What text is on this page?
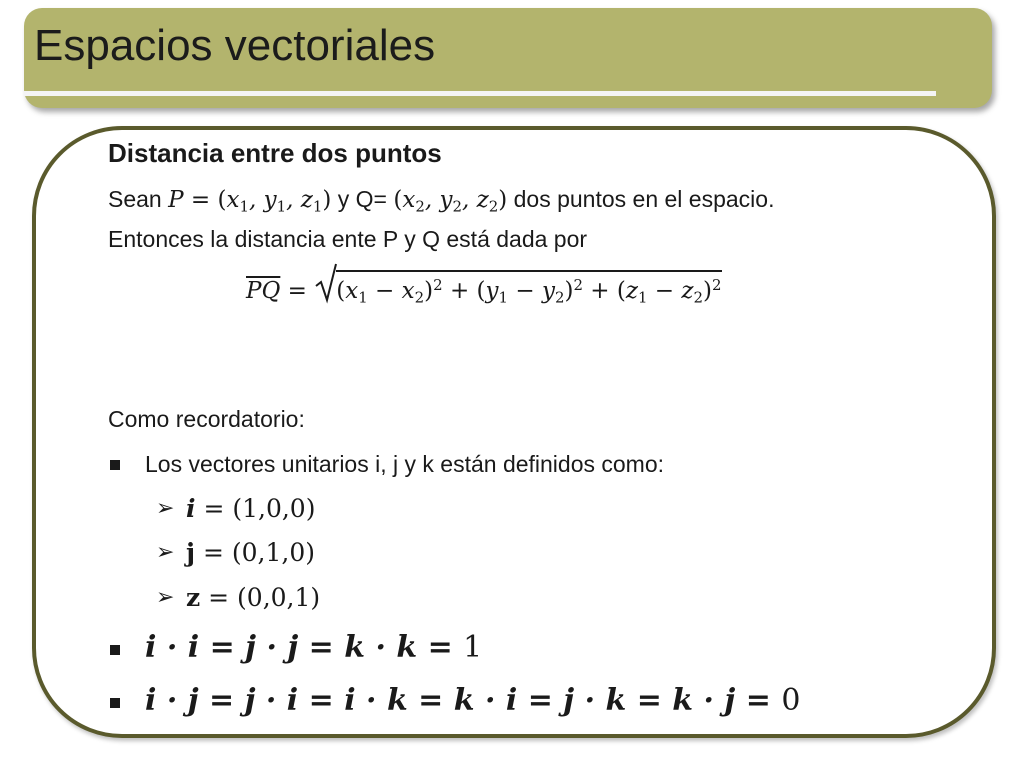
Espacios vectoriales
Distancia entre dos puntos
Sean $P = (x_1$, $y_1$, $z_1$) y $Q= (x_2$, $y_2$, $z_2$) dos puntos en el espacio.
Entonces la distancia ente P y Q está dada por
$\overline{PQ}$ =
$(x_1 - x_2)^2 + (y_1 - y_2)^2 + (z_1 - z_2)^2$
Como recordatorio:
Los vectores unitarios i, j y k están definidos como:
➢ i = (1,0,0)
➢ j = (0,1,0)
➢ z = (0,0,1)
i · i = j · j = k · k = 1
i · j = j · i = i · k = k · i = j · k = k · j = 0
